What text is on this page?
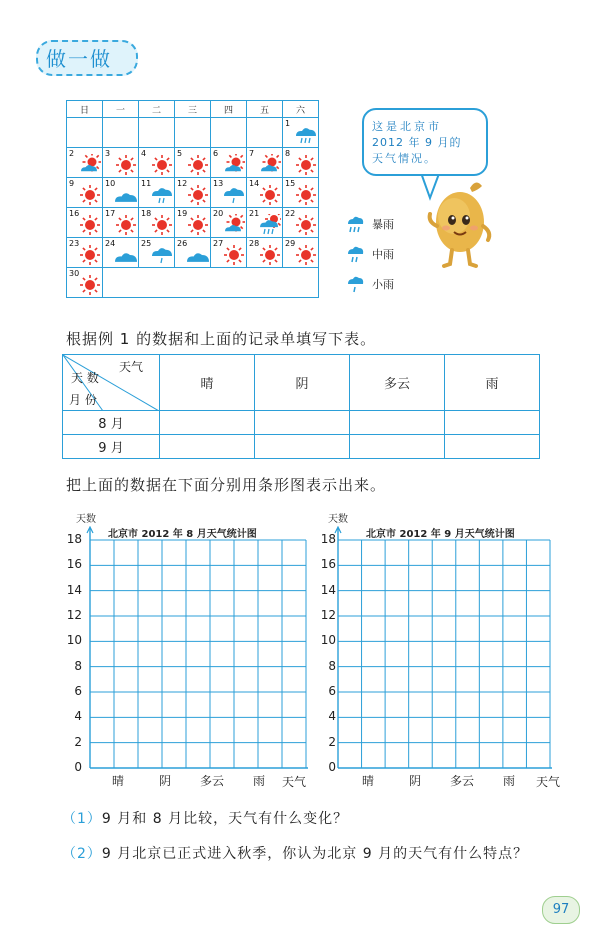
做一做
日	一	二	三	四	五	六

						1

2	3	4	5	6	7	8

9	10	11	12	13	14	15

16	17	18	19	20	21	22

23	24	25	26	27	28	29

30						

这是北京市
2012 年 9 月的
天气情况。
暴雨
中雨
小雨
根据例 1 的数据和上面的记录单填写下表。
天气
天 数
月 份	晴	阴	多云	雨
8 月				
9 月				
把上面的数据在下面分别用条形图表示出来。
天数
北京市 2012 年 8 月天气统计图
18
16
14
12
10
8
6
4
2
0
晴	阴	多云	雨	天气
天数
北京市 2012 年 9 月天气统计图
18
16
14
12
10
8
6
4
2
0
晴	阴	多云	雨	天气
（1）9 月和 8 月比较，天气有什么变化？
（2）9 月北京已正式进入秋季，你认为北京 9 月的天气有什么特点？
97
